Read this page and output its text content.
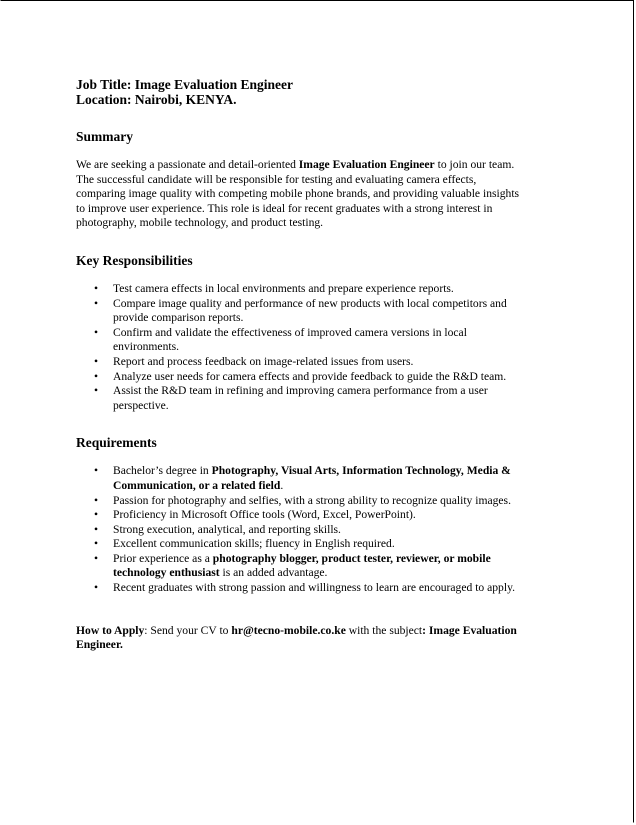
Job Title: Image Evaluation Engineer
Location: Nairobi, KENYA.
Summary
We are seeking a passionate and detail-oriented Image Evaluation Engineer to join our team.
The successful candidate will be responsible for testing and evaluating camera effects,
comparing image quality with competing mobile phone brands, and providing valuable insights
to improve user experience. This role is ideal for recent graduates with a strong interest in
photography, mobile technology, and product testing.
Key Responsibilities
• Test camera effects in local environments and prepare experience reports.
• Compare image quality and performance of new products with local competitors and
provide comparison reports.
• Confirm and validate the effectiveness of improved camera versions in local
environments.
• Report and process feedback on image-related issues from users.
• Analyze user needs for camera effects and provide feedback to guide the R&D team.
• Assist the R&D team in refining and improving camera performance from a user
perspective.
Requirements
• Bachelor’s degree in Photography, Visual Arts, Information Technology, Media &
Communication, or a related field.
• Passion for photography and selfies, with a strong ability to recognize quality images.
• Proficiency in Microsoft Office tools (Word, Excel, PowerPoint).
• Strong execution, analytical, and reporting skills.
• Excellent communication skills; fluency in English required.
• Prior experience as a photography blogger, product tester, reviewer, or mobile
technology enthusiast is an added advantage.
• Recent graduates with strong passion and willingness to learn are encouraged to apply.
How to Apply: Send your CV to hr@tecno-mobile.co.ke with the subject: Image Evaluation
Engineer.
